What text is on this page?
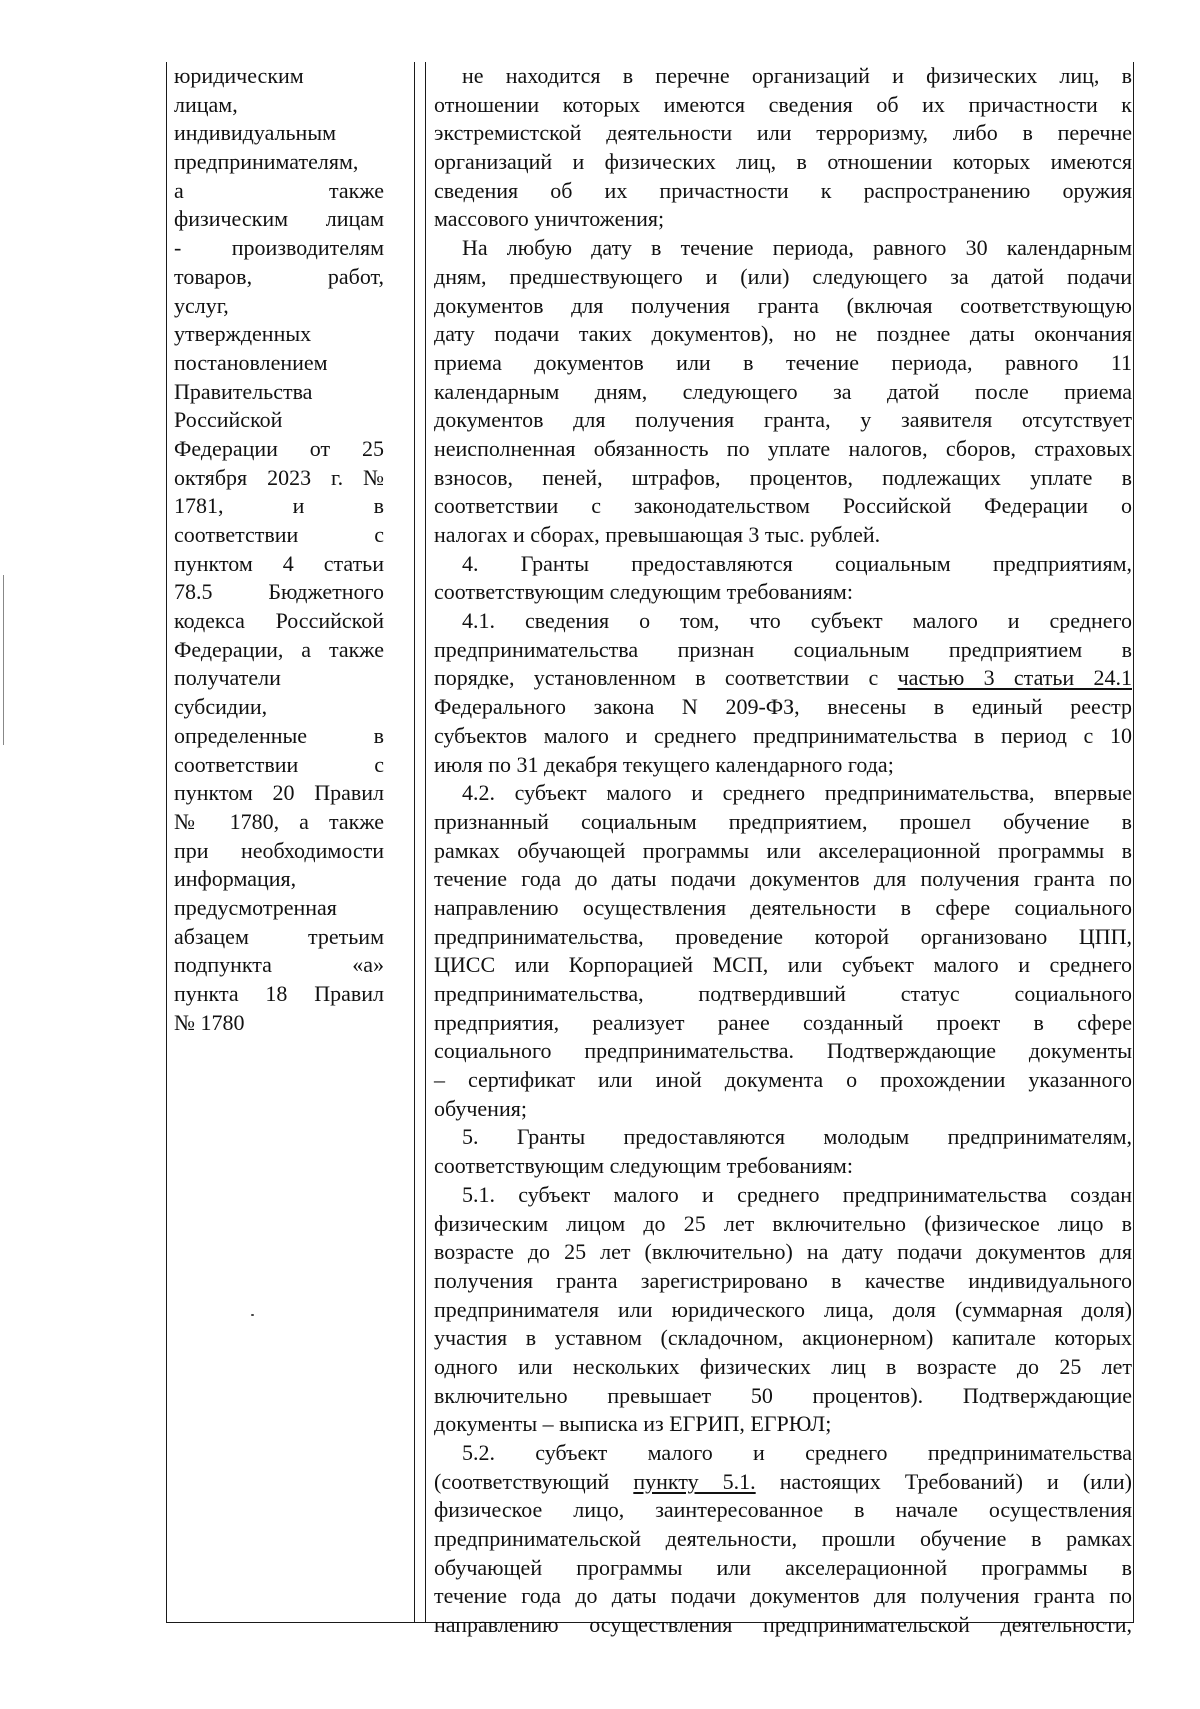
юридическим
лицам,
индивидуальным
предпринимателям,
а также
физическим лицам
- производителям
товаров, работ,
услуг,
утвержденных
постановлением
Правительства
Российской
Федерации от 25
октября 2023 г. №
1781, и в
соответствии с
пунктом 4 статьи
78.5 Бюджетного
кодекса Российской
Федерации, а также
получатели
субсидии,
определенные в
соответствии с
пунктом 20 Правил
№ 1780, а также
при необходимости
информация,
предусмотренная
абзацем третьим
подпункта «а»
пункта 18 Правил
№ 1780
не находится в перечне организаций и физических лиц, в
отношении которых имеются сведения об их причастности к
экстремистской деятельности или терроризму, либо в перечне
организаций и физических лиц, в отношении которых имеются
сведения об их причастности к распространению оружия
массового уничтожения;
На любую дату в течение периода, равного 30 календарным
дням, предшествующего и (или) следующего за датой подачи
документов для получения гранта (включая соответствующую
дату подачи таких документов), но не позднее даты окончания
приема документов или в течение периода, равного 11
календарным дням, следующего за датой после приема
документов для получения гранта, у заявителя отсутствует
неисполненная обязанность по уплате налогов, сборов, страховых
взносов, пеней, штрафов, процентов, подлежащих уплате в
соответствии с законодательством Российской Федерации о
налогах и сборах, превышающая 3 тыс. рублей.
4. Гранты предоставляются социальным предприятиям,
соответствующим следующим требованиям:
4.1. сведения о том, что субъект малого и среднего
предпринимательства признан социальным предприятием в
порядке, установленном в соответствии с частью 3 статьи 24.1
Федерального закона N 209-ФЗ, внесены в единый реестр
субъектов малого и среднего предпринимательства в период с 10
июля по 31 декабря текущего календарного года;
4.2. субъект малого и среднего предпринимательства, впервые
признанный социальным предприятием, прошел обучение в
рамках обучающей программы или акселерационной программы в
течение года до даты подачи документов для получения гранта по
направлению осуществления деятельности в сфере социального
предпринимательства, проведение которой организовано ЦПП,
ЦИСС или Корпорацией МСП, или субъект малого и среднего
предпринимательства, подтвердивший статус социального
предприятия, реализует ранее созданный проект в сфере
социального предпринимательства. Подтверждающие документы
– сертификат или иной документа о прохождении указанного
обучения;
5. Гранты предоставляются молодым предпринимателям,
соответствующим следующим требованиям:
5.1. субъект малого и среднего предпринимательства создан
физическим лицом до 25 лет включительно (физическое лицо в
возрасте до 25 лет (включительно) на дату подачи документов для
получения гранта зарегистрировано в качестве индивидуального
предпринимателя или юридического лица, доля (суммарная доля)
участия в уставном (складочном, акционерном) капитале которых
одного или нескольких физических лиц в возрасте до 25 лет
включительно превышает 50 процентов). Подтверждающие
документы – выписка из ЕГРИП, ЕГРЮЛ;
5.2. субъект малого и среднего предпринимательства
(соответствующий пункту 5.1. настоящих Требований) и (или)
физическое лицо, заинтересованное в начале осуществления
предпринимательской деятельности, прошли обучение в рамках
обучающей программы или акселерационной программы в
течение года до даты подачи документов для получения гранта по
направлению осуществления предпринимательской деятельности,
